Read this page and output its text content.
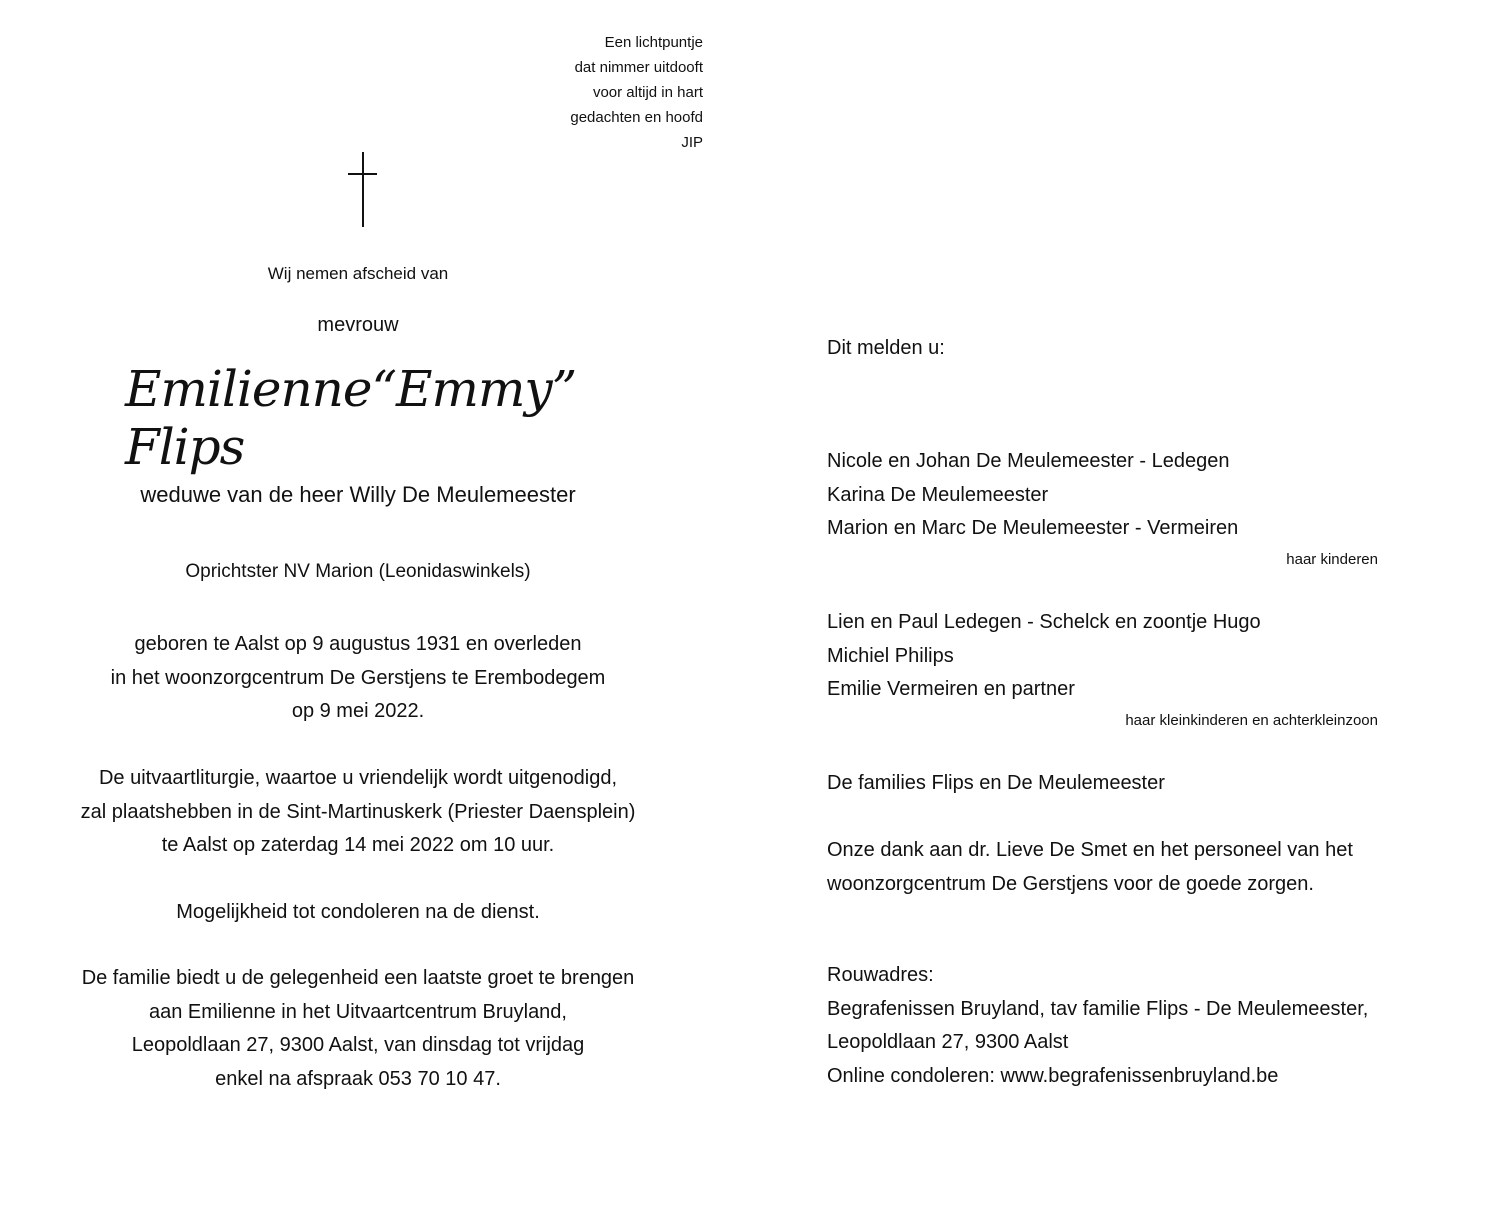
Een lichtpuntje
dat nimmer uitdooft
voor altijd in hart
gedachten en hoofd
JIP
Wij nemen afscheid van
mevrouw
Emilienne“Emmy” Flips
weduwe van de heer Willy De Meulemeester
Oprichtster NV Marion (Leonidaswinkels)
geboren te Aalst op 9 augustus 1931 en overleden
in het woonzorgcentrum De Gerstjens te Erembodegem
op 9 mei 2022.
De uitvaartliturgie, waartoe u vriendelijk wordt uitgenodigd,
zal plaatshebben in de Sint-Martinuskerk (Priester Daensplein)
te Aalst op zaterdag 14 mei 2022 om 10 uur.
Mogelijkheid tot condoleren na de dienst.
De familie biedt u de gelegenheid een laatste groet te brengen
aan Emilienne in het Uitvaartcentrum Bruyland,
Leopoldlaan 27, 9300 Aalst, van dinsdag tot vrijdag
enkel na afspraak 053 70 10 47.
Dit melden u:
Nicole en Johan De Meulemeester - Ledegen
Karina De Meulemeester
Marion en Marc De Meulemeester - Vermeiren
haar kinderen
Lien en Paul Ledegen - Schelck en zoontje Hugo
Michiel Philips
Emilie Vermeiren en partner
haar kleinkinderen en achterkleinzoon
De families Flips en De Meulemeester
Onze dank aan dr. Lieve De Smet en het personeel van het
woonzorgcentrum De Gerstjens voor de goede zorgen.
Rouwadres:
Begrafenissen Bruyland, tav familie Flips - De Meulemeester,
Leopoldlaan 27, 9300 Aalst
Online condoleren: www.begrafenissenbruyland.be
